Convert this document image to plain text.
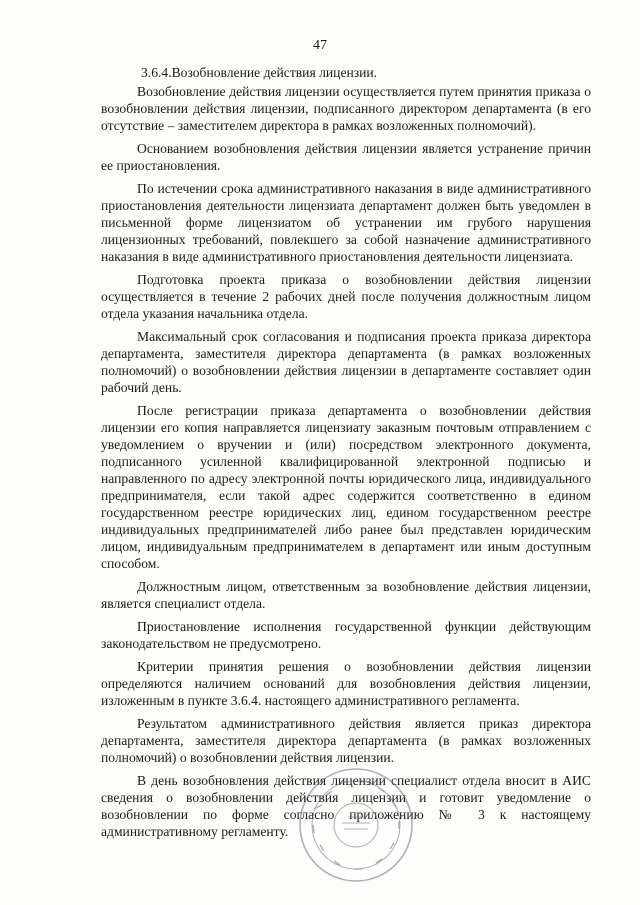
47

3.6.4.Возобновление действия лицензии.

Возобновление действия лицензии осуществляется путем принятия приказа о возобновлении действия лицензии, подписанного директором департамента (в его отсутствие – заместителем директора в рамках возложенных полномочий).

Основанием возобновления действия лицензии является устранение причин ее приостановления.

По истечении срока административного наказания в виде административного приостановления деятельности лицензиата департамент должен быть уведомлен в письменной форме лицензиатом об устранении им грубого нарушения лицензионных требований, повлекшего за собой назначение административного наказания в виде административного приостановления деятельности лицензиата.

Подготовка проекта приказа о возобновлении действия лицензии осуществляется в течение 2 рабочих дней после получения должностным лицом отдела указания начальника отдела.

Максимальный срок согласования и подписания проекта приказа директора департамента, заместителя директора департамента (в рамках возложенных полномочий) о возобновлении действия лицензии в департаменте составляет один рабочий день.

После регистрации приказа департамента о возобновлении действия лицензии его копия направляется лицензиату заказным почтовым отправлением с уведомлением о вручении и (или) посредством электронного документа, подписанного усиленной квалифицированной электронной подписью и направленного по адресу электронной почты юридического лица, индивидуального предпринимателя, если такой адрес содержится соответственно в едином государственном реестре юридических лиц, едином государственном реестре индивидуальных предпринимателей либо ранее был представлен юридическим лицом, индивидуальным предпринимателем в департамент или иным доступным способом.

Должностным лицом, ответственным за возобновление действия лицензии, является специалист отдела.

Приостановление исполнения государственной функции действующим законодательством не предусмотрено.

Критерии принятия решения о возобновлении действия лицензии определяются наличием оснований для возобновления действия лицензии, изложенным в пункте 3.6.4. настоящего административного регламента.

Результатом административного действия является приказ директора департамента, заместителя директора департамента (в рамках возложенных полномочий) о возобновлении действия лицензии.

В день возобновления действия лицензии специалист отдела вносит в АИС сведения о возобновлении действия лицензии и готовит уведомление о возобновлении по форме согласно приложению № 3 к настоящему административному регламенту.
